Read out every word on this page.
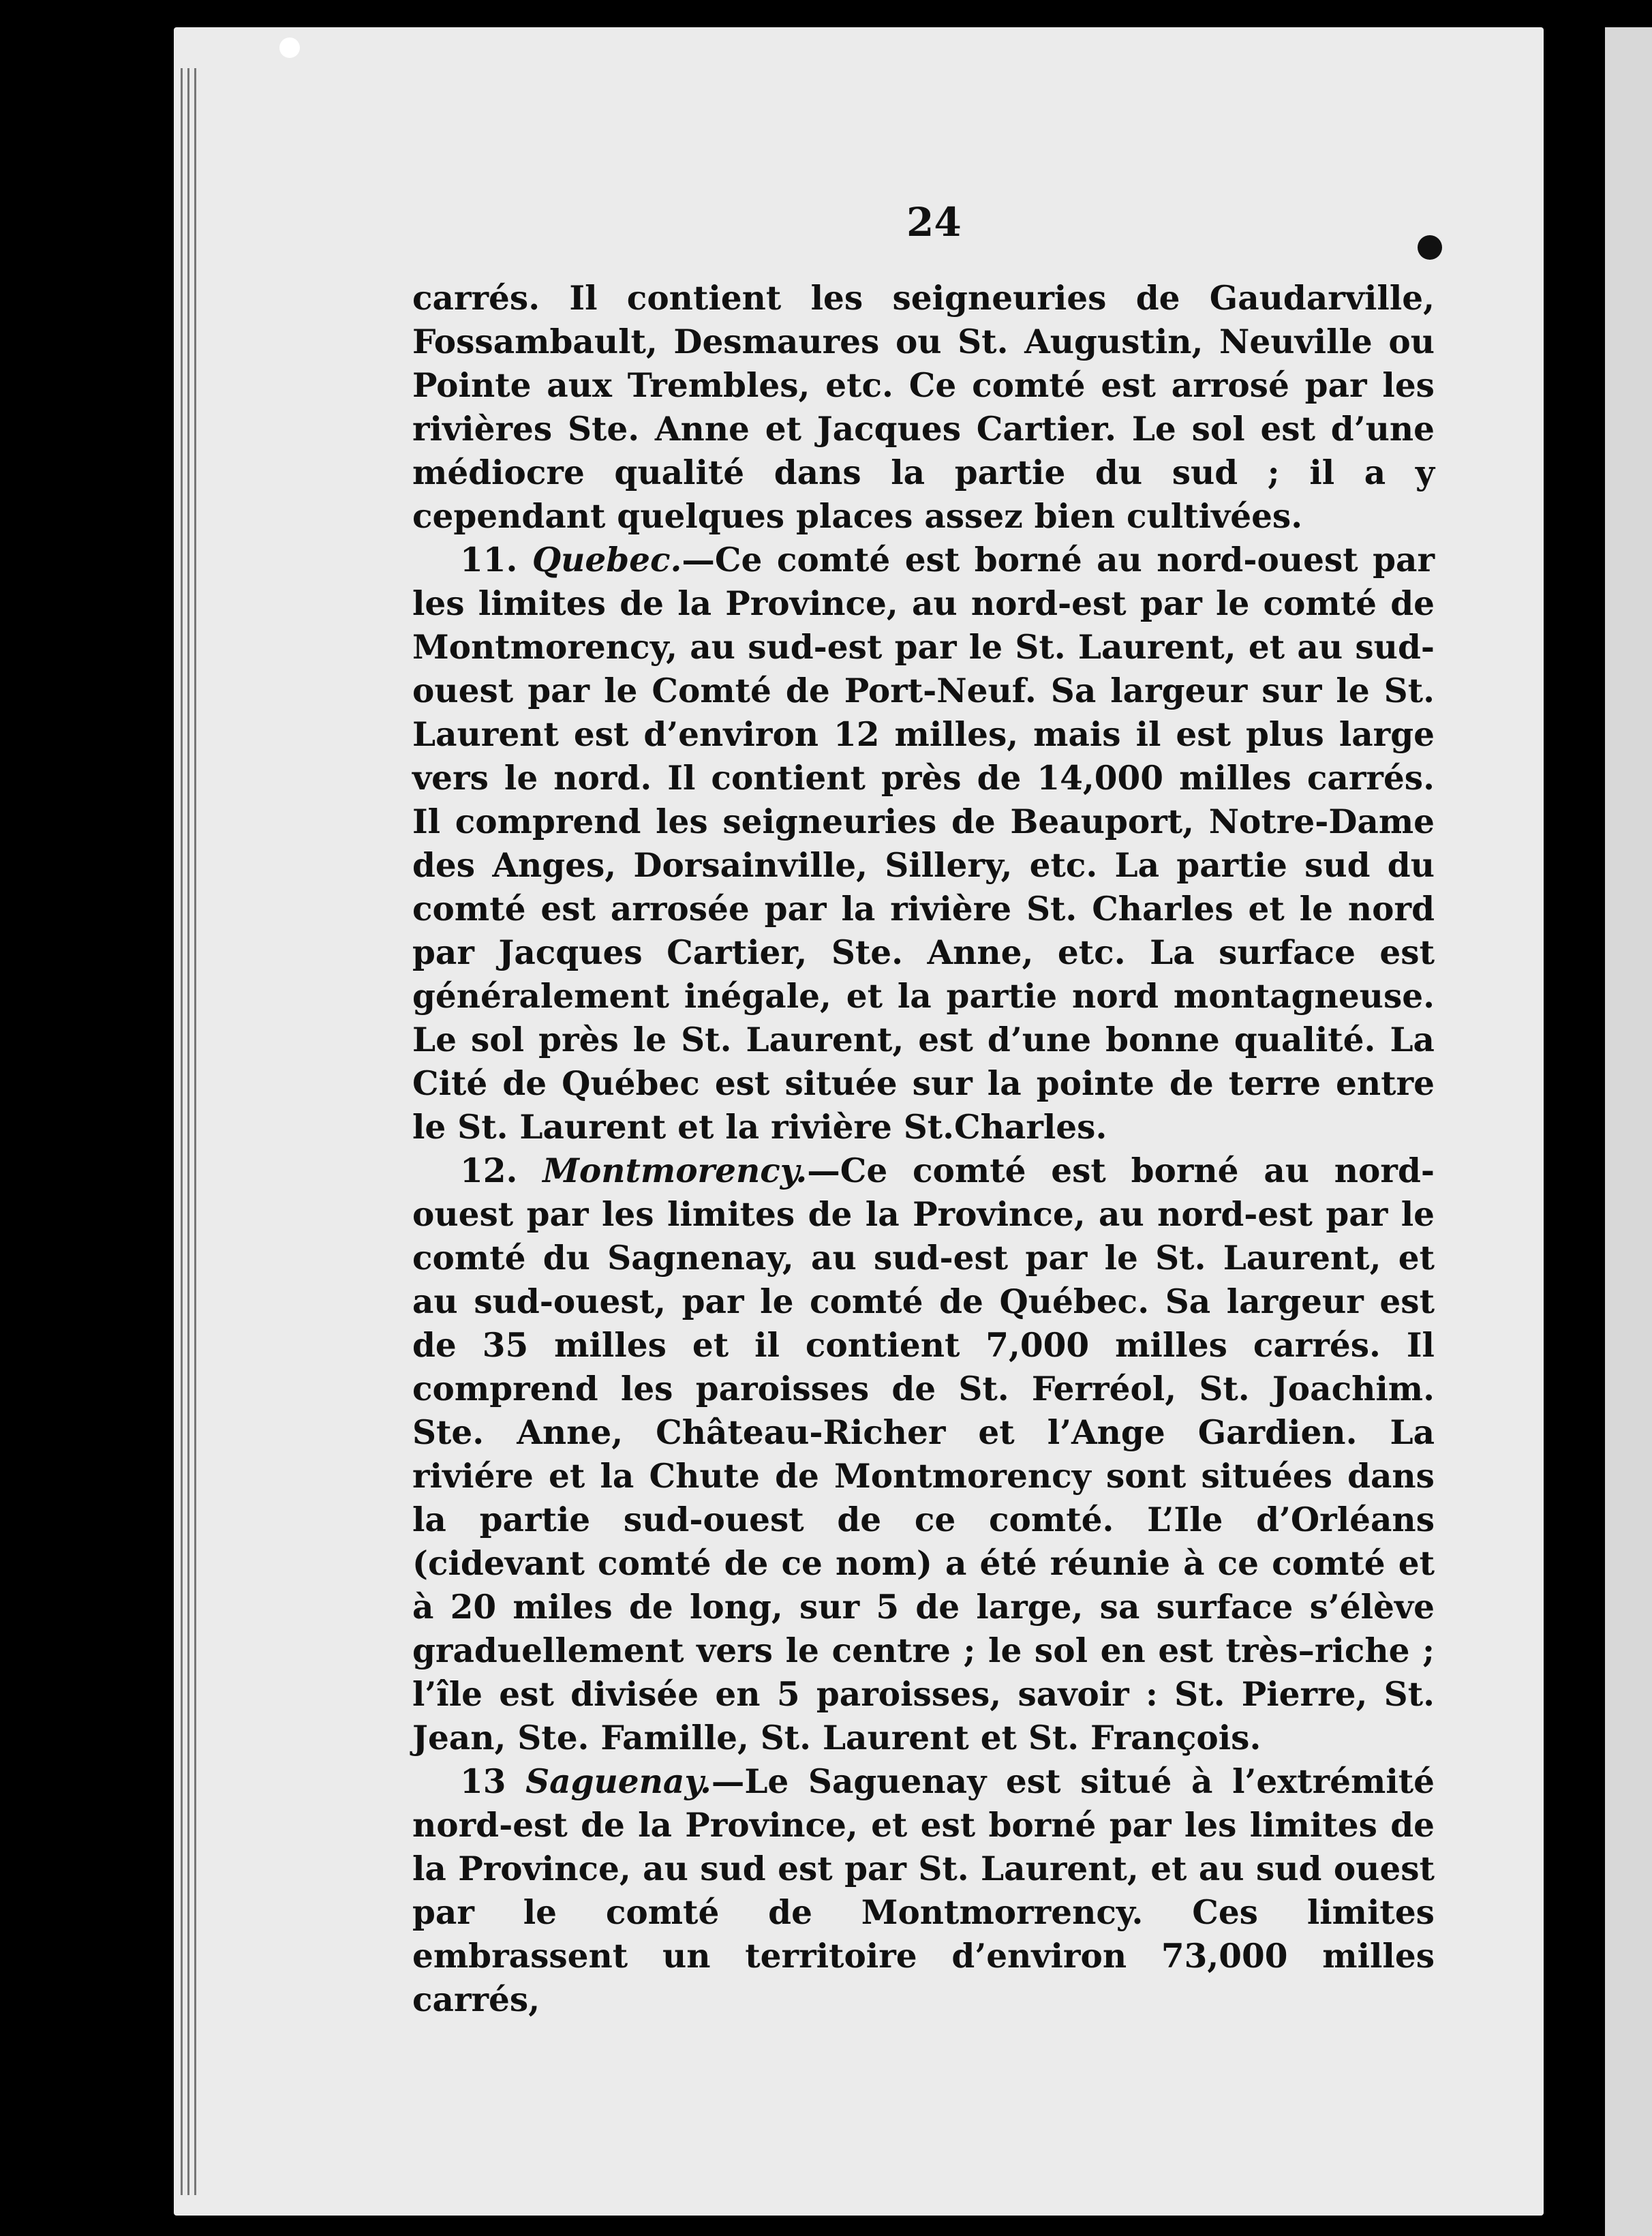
24

carrés. Il contient les seigneuries de Gaudarville, Fossambault, Desmaures ou St. Augustin, Neuville ou Pointe aux Trembles, etc. Ce comté est arrosé par les rivières Ste. Anne et Jacques Cartier. Le sol est d’une médiocre qualité dans la partie du sud ; il a y cependant quelques places assez bien cultivées.

11. Quebec.—Ce comté est borné au nord-ouest par les limites de la Province, au nord-est par le comté de Montmorency, au sud-est par le St. Laurent, et au sud-ouest par le Comté de Port-Neuf. Sa largeur sur le St. Laurent est d’environ 12 milles, mais il est plus large vers le nord. Il contient près de 14,000 milles carrés. Il comprend les seigneuries de Beauport, Notre-Dame des Anges, Dorsainville, Sillery, etc. La partie sud du comté est arrosée par la rivière St. Charles et le nord par Jacques Cartier, Ste. Anne, etc. La surface est généralement inégale, et la partie nord montagneuse. Le sol près le St. Laurent, est d’une bonne qualité. La Cité de Québec est située sur la pointe de terre entre le St. Laurent et la rivière St.Charles.

12. Montmorency.—Ce comté est borné au nord-ouest par les limites de la Province, au nord-est par le comté du Sagnenay, au sud-est par le St. Laurent, et au sud-ouest, par le comté de Québec. Sa largeur est de 35 milles et il contient 7,000 milles carrés. Il comprend les paroisses de St. Ferréol, St. Joachim. Ste. Anne, Château-Richer et l’Ange Gardien. La riviére et la Chute de Montmorency sont situées dans la partie sud-ouest de ce comté. L’Ile d’Orléans (cidevant comté de ce nom) a été réunie à ce comté et à 20 miles de long, sur 5 de large, sa surface s’élève graduellement vers le centre ; le sol en est très–riche ; l’île est divisée en 5 paroisses, savoir : St. Pierre, St. Jean, Ste. Famille, St. Laurent et St. François.

13 Saguenay.—Le Saguenay est situé à l’extrémité nord-est de la Province, et est borné par les limites de la Province, au sud est par St. Laurent, et au sud ouest par le comté de Montmorrency. Ces limites embrassent un territoire d’environ 73,000 milles carrés,
